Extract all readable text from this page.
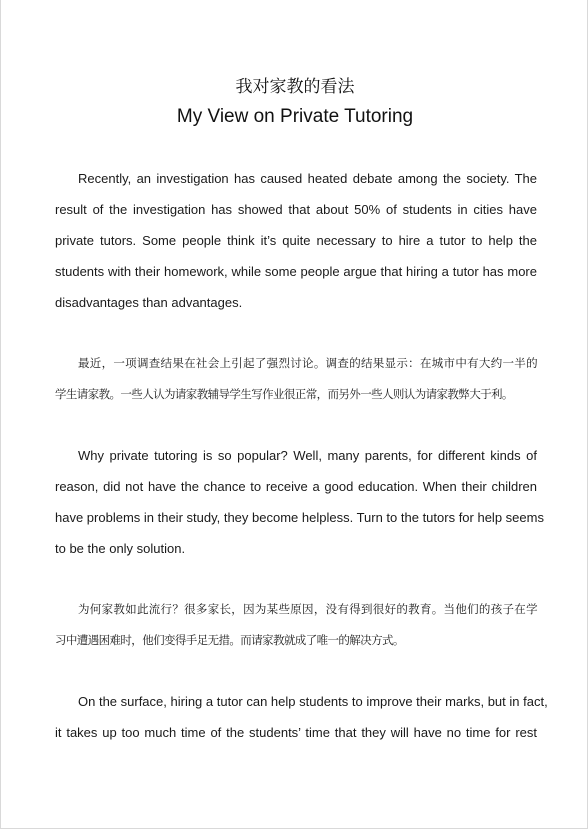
我对家教的看法
My View on Private Tutoring
Recently, an investigation has caused heated debate among the society. The
result of the investigation has showed that about 50% of students in cities have
private tutors. Some people think it’s quite necessary to hire a tutor to help the
students with their homework, while some people argue that hiring a tutor has more
disadvantages than advantages.
最近，一项调查结果在社会上引起了强烈讨论。调查的结果显示：在城市中有大约一半的
学生请家教。一些人认为请家教辅导学生写作业很正常，而另外一些人则认为请家教弊大于利。
Why private tutoring is so popular? Well, many parents, for different kinds of
reason, did not have the chance to receive a good education. When their children
have problems in their study, they become helpless. Turn to the tutors for help seems
to be the only solution.
为何家教如此流行？很多家长，因为某些原因，没有得到很好的教育。当他们的孩子在学
习中遭遇困难时，他们变得手足无措。而请家教就成了唯一的解决方式。
On the surface, hiring a tutor can help students to improve their marks, but in fact,
it takes up too much time of the students’ time that they will have no time for rest
